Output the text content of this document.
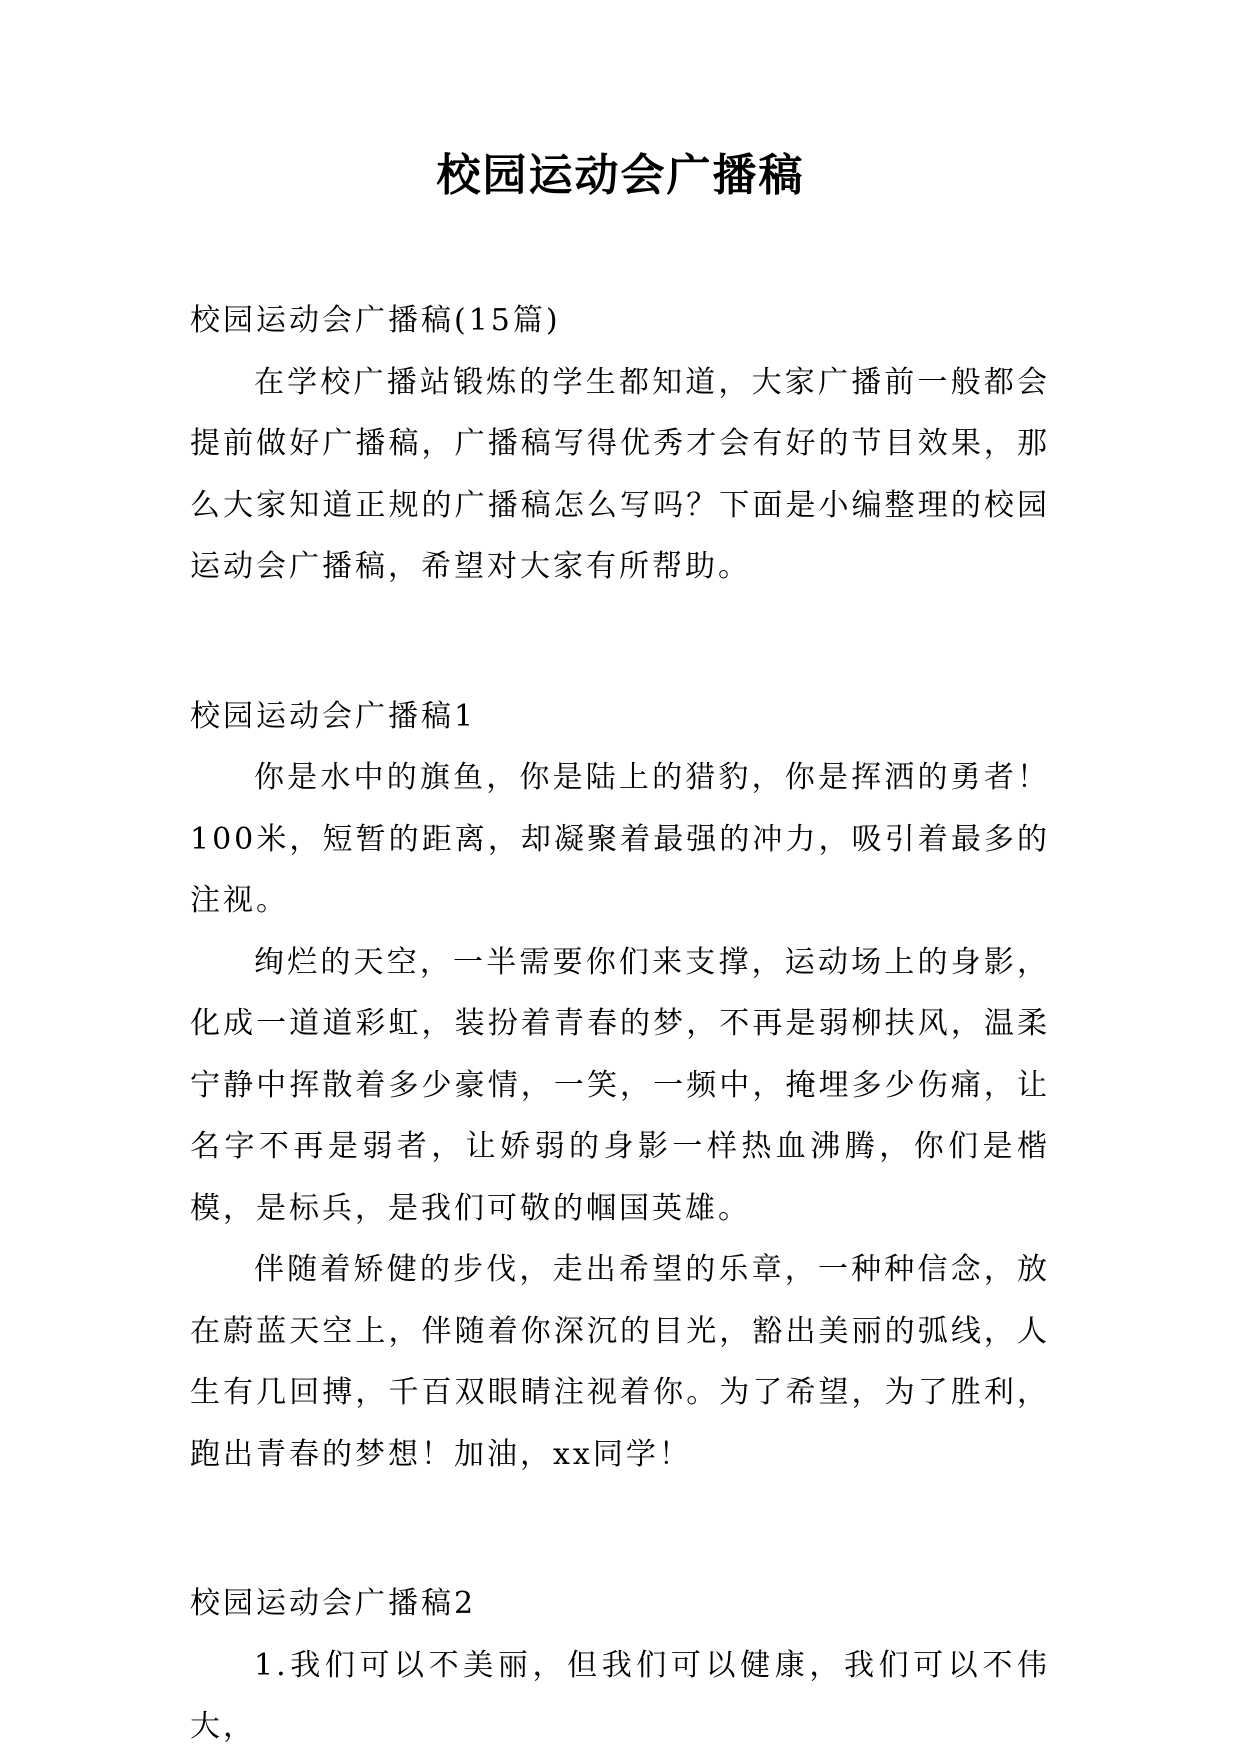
校园运动会广播稿

校园运动会广播稿(15篇)

在学校广播站锻炼的学生都知道，大家广播前一般都会提前做好广播稿，广播稿写得优秀才会有好的节目效果，那么大家知道正规的广播稿怎么写吗？下面是小编整理的校园运动会广播稿，希望对大家有所帮助。

校园运动会广播稿1

你是水中的旗鱼，你是陆上的猎豹，你是挥洒的勇者！100米，短暂的距离，却凝聚着最强的冲力，吸引着最多的注视。

绚烂的天空，一半需要你们来支撑，运动场上的身影，化成一道道彩虹，装扮着青春的梦，不再是弱柳扶风，温柔宁静中挥散着多少豪情，一笑，一频中，掩埋多少伤痛，让名字不再是弱者，让娇弱的身影一样热血沸腾，你们是楷模，是标兵，是我们可敬的帼国英雄。

伴随着矫健的步伐，走出希望的乐章，一种种信念，放在蔚蓝天空上，伴随着你深沉的目光，豁出美丽的弧线，人生有几回搏，千百双眼睛注视着你。为了希望，为了胜利，跑出青春的梦想！加油，xx同学！

校园运动会广播稿2

1.我们可以不美丽，但我们可以健康，我们可以不伟大，
